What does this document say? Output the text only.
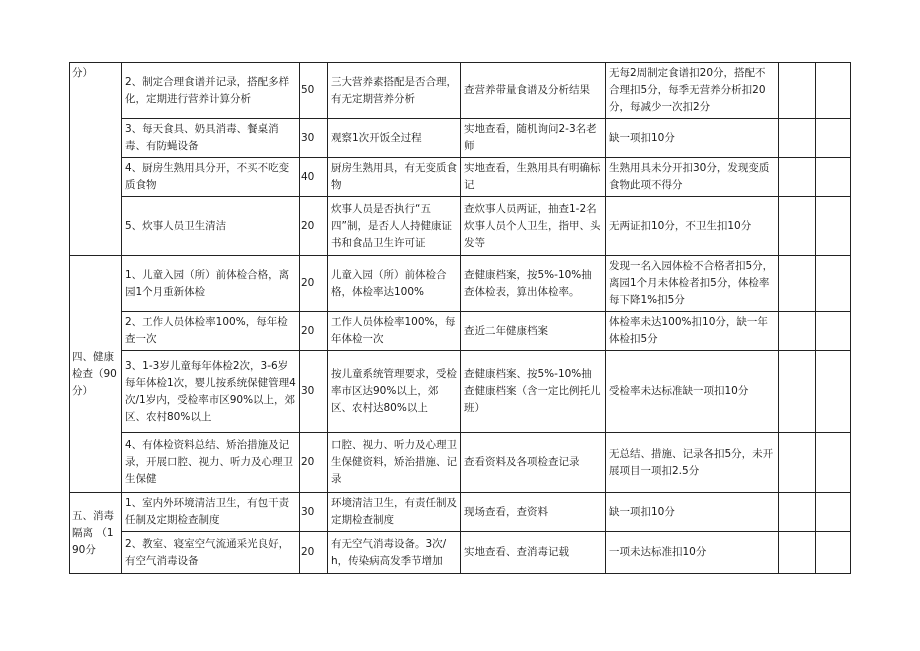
分）	2、制定合理食谱并记录，搭配多样化，定期进行营养计算分析	50	三大营养素搭配是否合理，有无定期营养分析	查营养带量食谱及分析结果	无每2周制定食谱扣20分，搭配不合理扣5分，每季无营养分析扣20分，每减少一次扣2分		
	3、每天食具、奶具消毒、餐桌消毒、有防蝇设备	30	观察1次开饭全过程	实地查看，随机询问2-3名老师	缺一项扣10分		
	4、厨房生熟用具分开，不买不吃变质食物	40	厨房生熟用具，有无变质食物	实地查看，生熟用具有明确标记	生熟用具未分开扣30分，发现变质食物此项不得分		
	5、炊事人员卫生清洁	20	炊事人员是否执行“五四”制，是否人人持健康证书和食品卫生许可证	查炊事人员两证，抽查1-2名炊事人员个人卫生，指甲、头发等	无两证扣10分，不卫生扣10分		
四、健康检查（90分）	1、儿童入园（所）前体检合格，离园1个月重新体检	20	儿童入园（所）前体检合格，体检率达100%	查健康档案，按5%-10%抽查体检表，算出体检率。	发现一名入园体检不合格者扣5分，离园1个月未体检者扣5分，体检率每下降1%扣5分		
	2、工作人员体检率100%，每年检查一次	20	工作人员体检率100%，每年体检一次	查近二年健康档案	体检率未达100%扣10分，缺一年体检扣5分		
	3、1-3岁儿童每年体检2次，3-6岁每年体检1次，婴儿按系统保健管理4次/1岁内，受检率市区90%以上，郊区、农村80%以上	30	按儿童系统管理要求，受检率市区达90%以上，郊区、农村达80%以上	查健康档案、按5%-10%抽查健康档案（含一定比例托儿班）	受检率未达标准缺一项扣10分		
	4、有体检资料总结、矫治措施及记录，开展口腔、视力、听力及心理卫生保健	20	口腔、视力、听力及心理卫生保健资料，矫治措施、记录	查看资料及各项检查记录	无总结、措施、记录各扣5分，未开展项目一项扣2.5分		
五、消毒隔离 （190分	1、室内外环境清洁卫生，有包干责任制及定期检查制度	30	环境清洁卫生，有责任制及定期检查制度	现场查看，查资料	缺一项扣10分		
	2、教室、寝室空气流通采光良好，有空气消毒设备	20	有无空气消毒设备。3次/h，传染病高发季节增加	实地查看、查消毒记载	一项未达标准扣10分		
